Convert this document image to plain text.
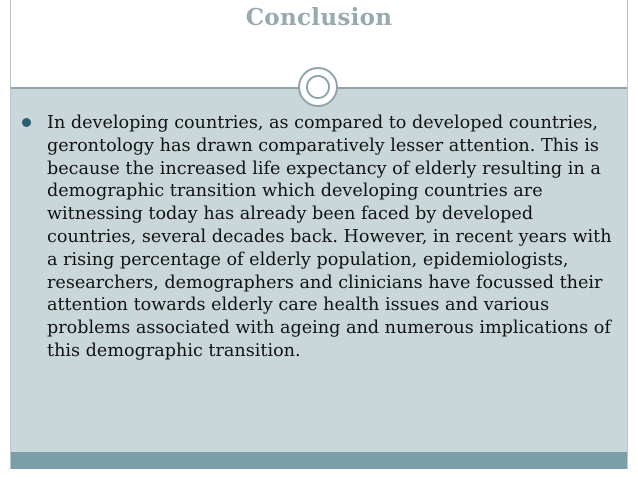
Conclusion
In developing countries, as compared to developed countries, gerontology has drawn comparatively lesser attention. This is because the increased life expectancy of elderly resulting in a demographic transition which developing countries are witnessing today has already been faced by developed countries, several decades back. However, in recent years with a rising percentage of elderly population, epidemiologists, researchers, demographers and clinicians have focussed their attention towards elderly care health issues and various problems associated with ageing and numerous implications of this demographic transition.
